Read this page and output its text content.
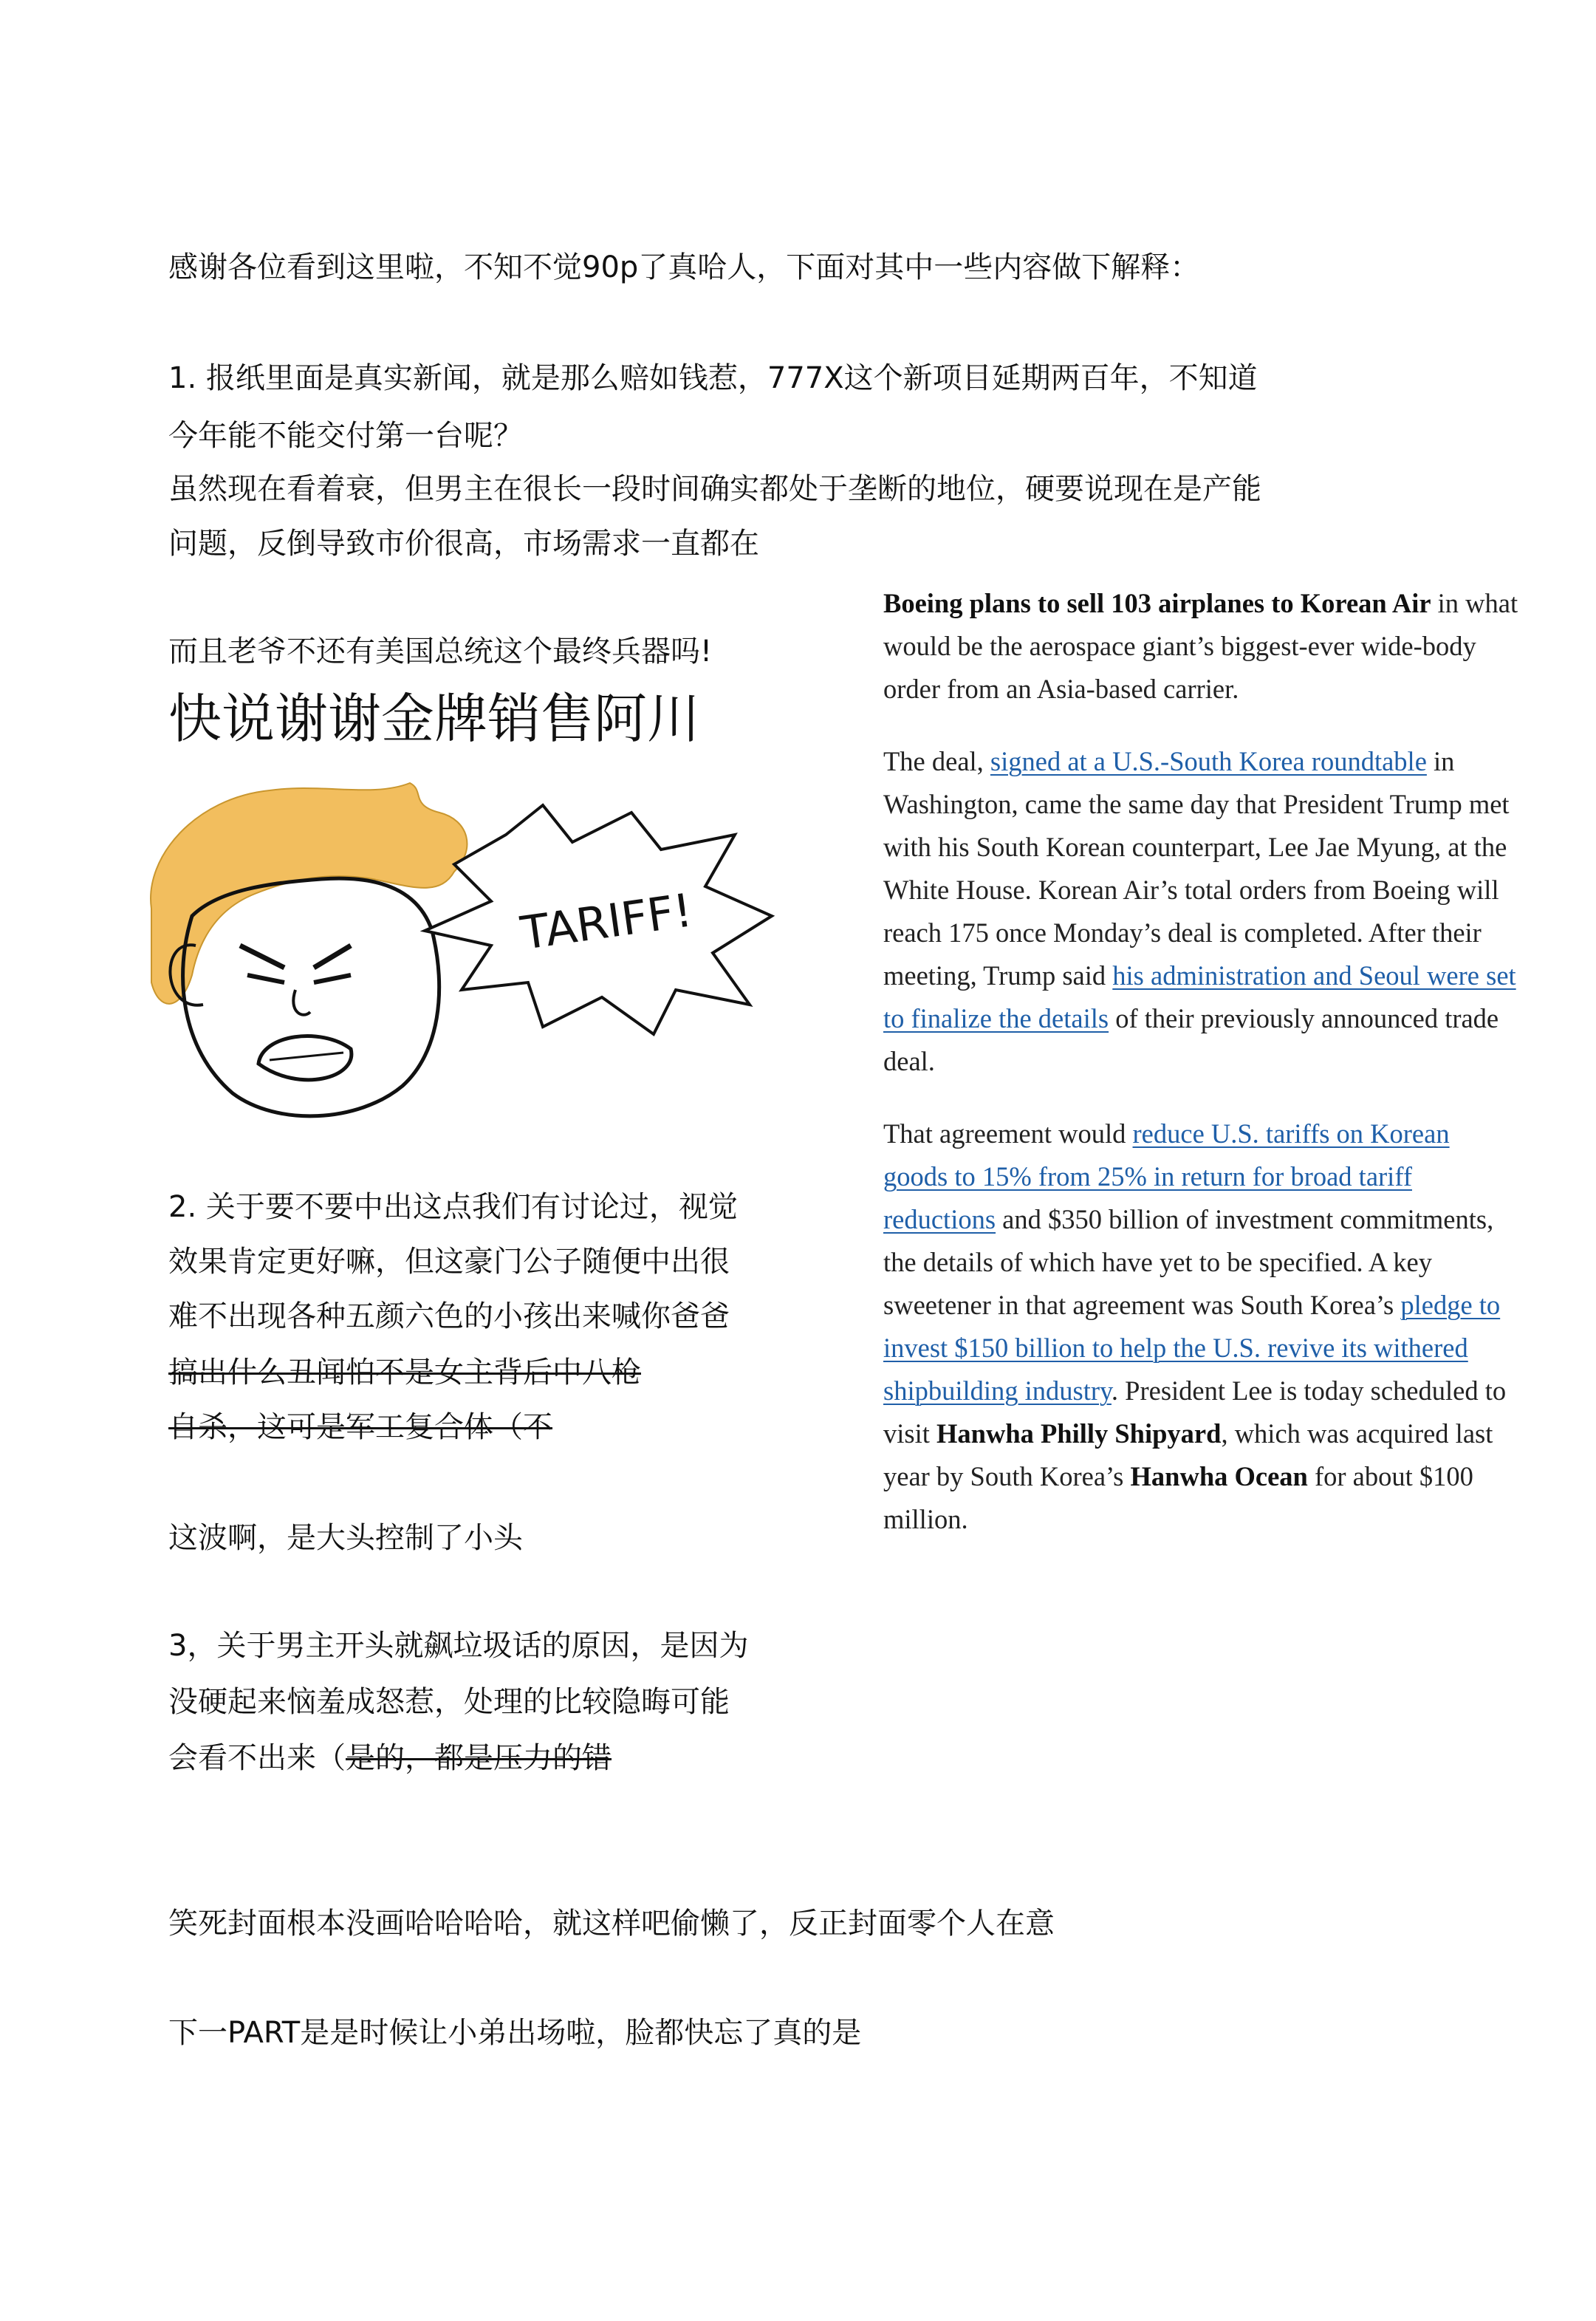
感谢各位看到这里啦，不知不觉90p了真哈人，下面对其中一些内容做下解释：
1. 报纸里面是真实新闻，就是那么赔如钱惹，777X这个新项目延期两百年，不知道
今年能不能交付第一台呢？
虽然现在看着衰，但男主在很长一段时间确实都处于垄断的地位，硬要说现在是产能
问题，反倒导致市价很高，市场需求一直都在
而且老爷不还有美国总统这个最终兵器吗!
快说谢谢金牌销售阿川
TARIFF!
2. 关于要不要中出这点我们有讨论过，视觉
效果肯定更好嘛，但这豪门公子随便中出很
难不出现各种五颜六色的小孩出来喊你爸爸
搞出什么丑闻怕不是女主背后中八枪
自杀，这可是军工复合体（不
这波啊，是大头控制了小头
3，关于男主开头就飙垃圾话的原因，是因为
没硬起来恼羞成怒惹，处理的比较隐晦可能
会看不出来（是的，都是压力的错
笑死封面根本没画哈哈哈哈，就这样吧偷懒了，反正封面零个人在意
下一PART是是时候让小弟出场啦，脸都快忘了真的是

Boeing plans to sell 103 airplanes to Korean Air in what would be the aerospace giant’s biggest-ever wide-body order from an Asia-based carrier.

The deal, signed at a U.S.-South Korea roundtable in Washington, came the same day that President Trump met with his South Korean counterpart, Lee Jae Myung, at the White House. Korean Air’s total orders from Boeing will reach 175 once Monday’s deal is completed. After their meeting, Trump said his administration and Seoul were set to finalize the details of their previously announced trade deal.

That agreement would reduce U.S. tariffs on Korean goods to 15% from 25% in return for broad tariff reductions and $350 billion of investment commitments, the details of which have yet to be specified. A key sweetener in that agreement was South Korea’s pledge to invest $150 billion to help the U.S. revive its withered shipbuilding industry. President Lee is today scheduled to visit Hanwha Philly Shipyard, which was acquired last year by South Korea’s Hanwha Ocean for about $100 million.
